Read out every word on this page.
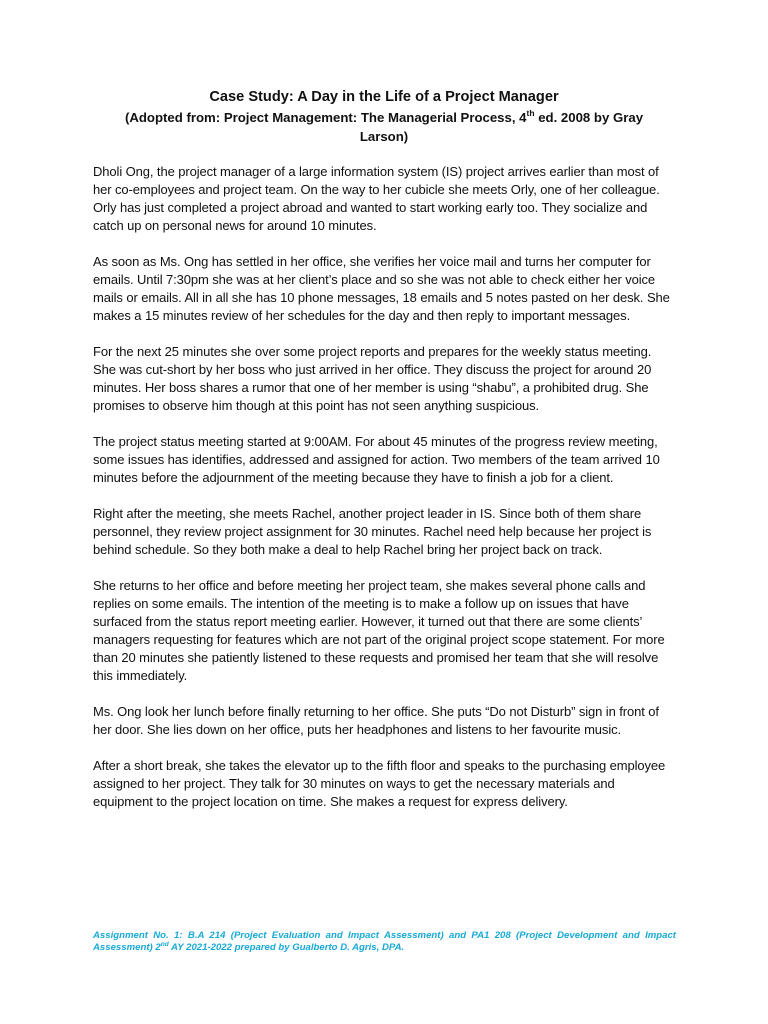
Case Study: A Day in the Life of a Project Manager
(Adopted from: Project Management: The Managerial Process, 4th ed. 2008 by Gray Larson)

Dholi Ong, the project manager of a large information system (IS) project arrives earlier than most of her co-employees and project team. On the way to her cubicle she meets Orly, one of her colleague. Orly has just completed a project abroad and wanted to start working early too. They socialize and catch up on personal news for around 10 minutes.

As soon as Ms. Ong has settled in her office, she verifies her voice mail and turns her computer for emails. Until 7:30pm she was at her client’s place and so she was not able to check either her voice mails or emails. All in all she has 10 phone messages, 18 emails and 5 notes pasted on her desk. She makes a 15 minutes review of her schedules for the day and then reply to important messages.

For the next 25 minutes she over some project reports and prepares for the weekly status meeting. She was cut-short by her boss who just arrived in her office. They discuss the project for around 20 minutes. Her boss shares a rumor that one of her member is using “shabu”, a prohibited drug. She promises to observe him though at this point has not seen anything suspicious.

The project status meeting started at 9:00AM. For about 45 minutes of the progress review meeting, some issues has identifies, addressed and assigned for action. Two members of the team arrived 10 minutes before the adjournment of the meeting because they have to finish a job for a client.

Right after the meeting, she meets Rachel, another project leader in IS. Since both of them share personnel, they review project assignment for 30 minutes. Rachel need help because her project is behind schedule. So they both make a deal to help Rachel bring her project back on track.

She returns to her office and before meeting her project team, she makes several phone calls and replies on some emails. The intention of the meeting is to make a follow up on issues that have surfaced from the status report meeting earlier. However, it turned out that there are some clients’ managers requesting for features which are not part of the original project scope statement. For more than 20 minutes she patiently listened to these requests and promised her team that she will resolve this immediately.

Ms. Ong look her lunch before finally returning to her office. She puts “Do not Disturb” sign in front of her door. She lies down on her office, puts her headphones and listens to her favourite music.

After a short break, she takes the elevator up to the fifth floor and speaks to the purchasing employee assigned to her project. They talk for 30 minutes on ways to get the necessary materials and equipment to the project location on time. She makes a request for express delivery.

Assignment No. 1: B.A 214 (Project Evaluation and Impact Assessment) and PA1 208 (Project Development and Impact Assessment) 2nd AY 2021-2022 prepared by Gualberto D. Agris, DPA.
